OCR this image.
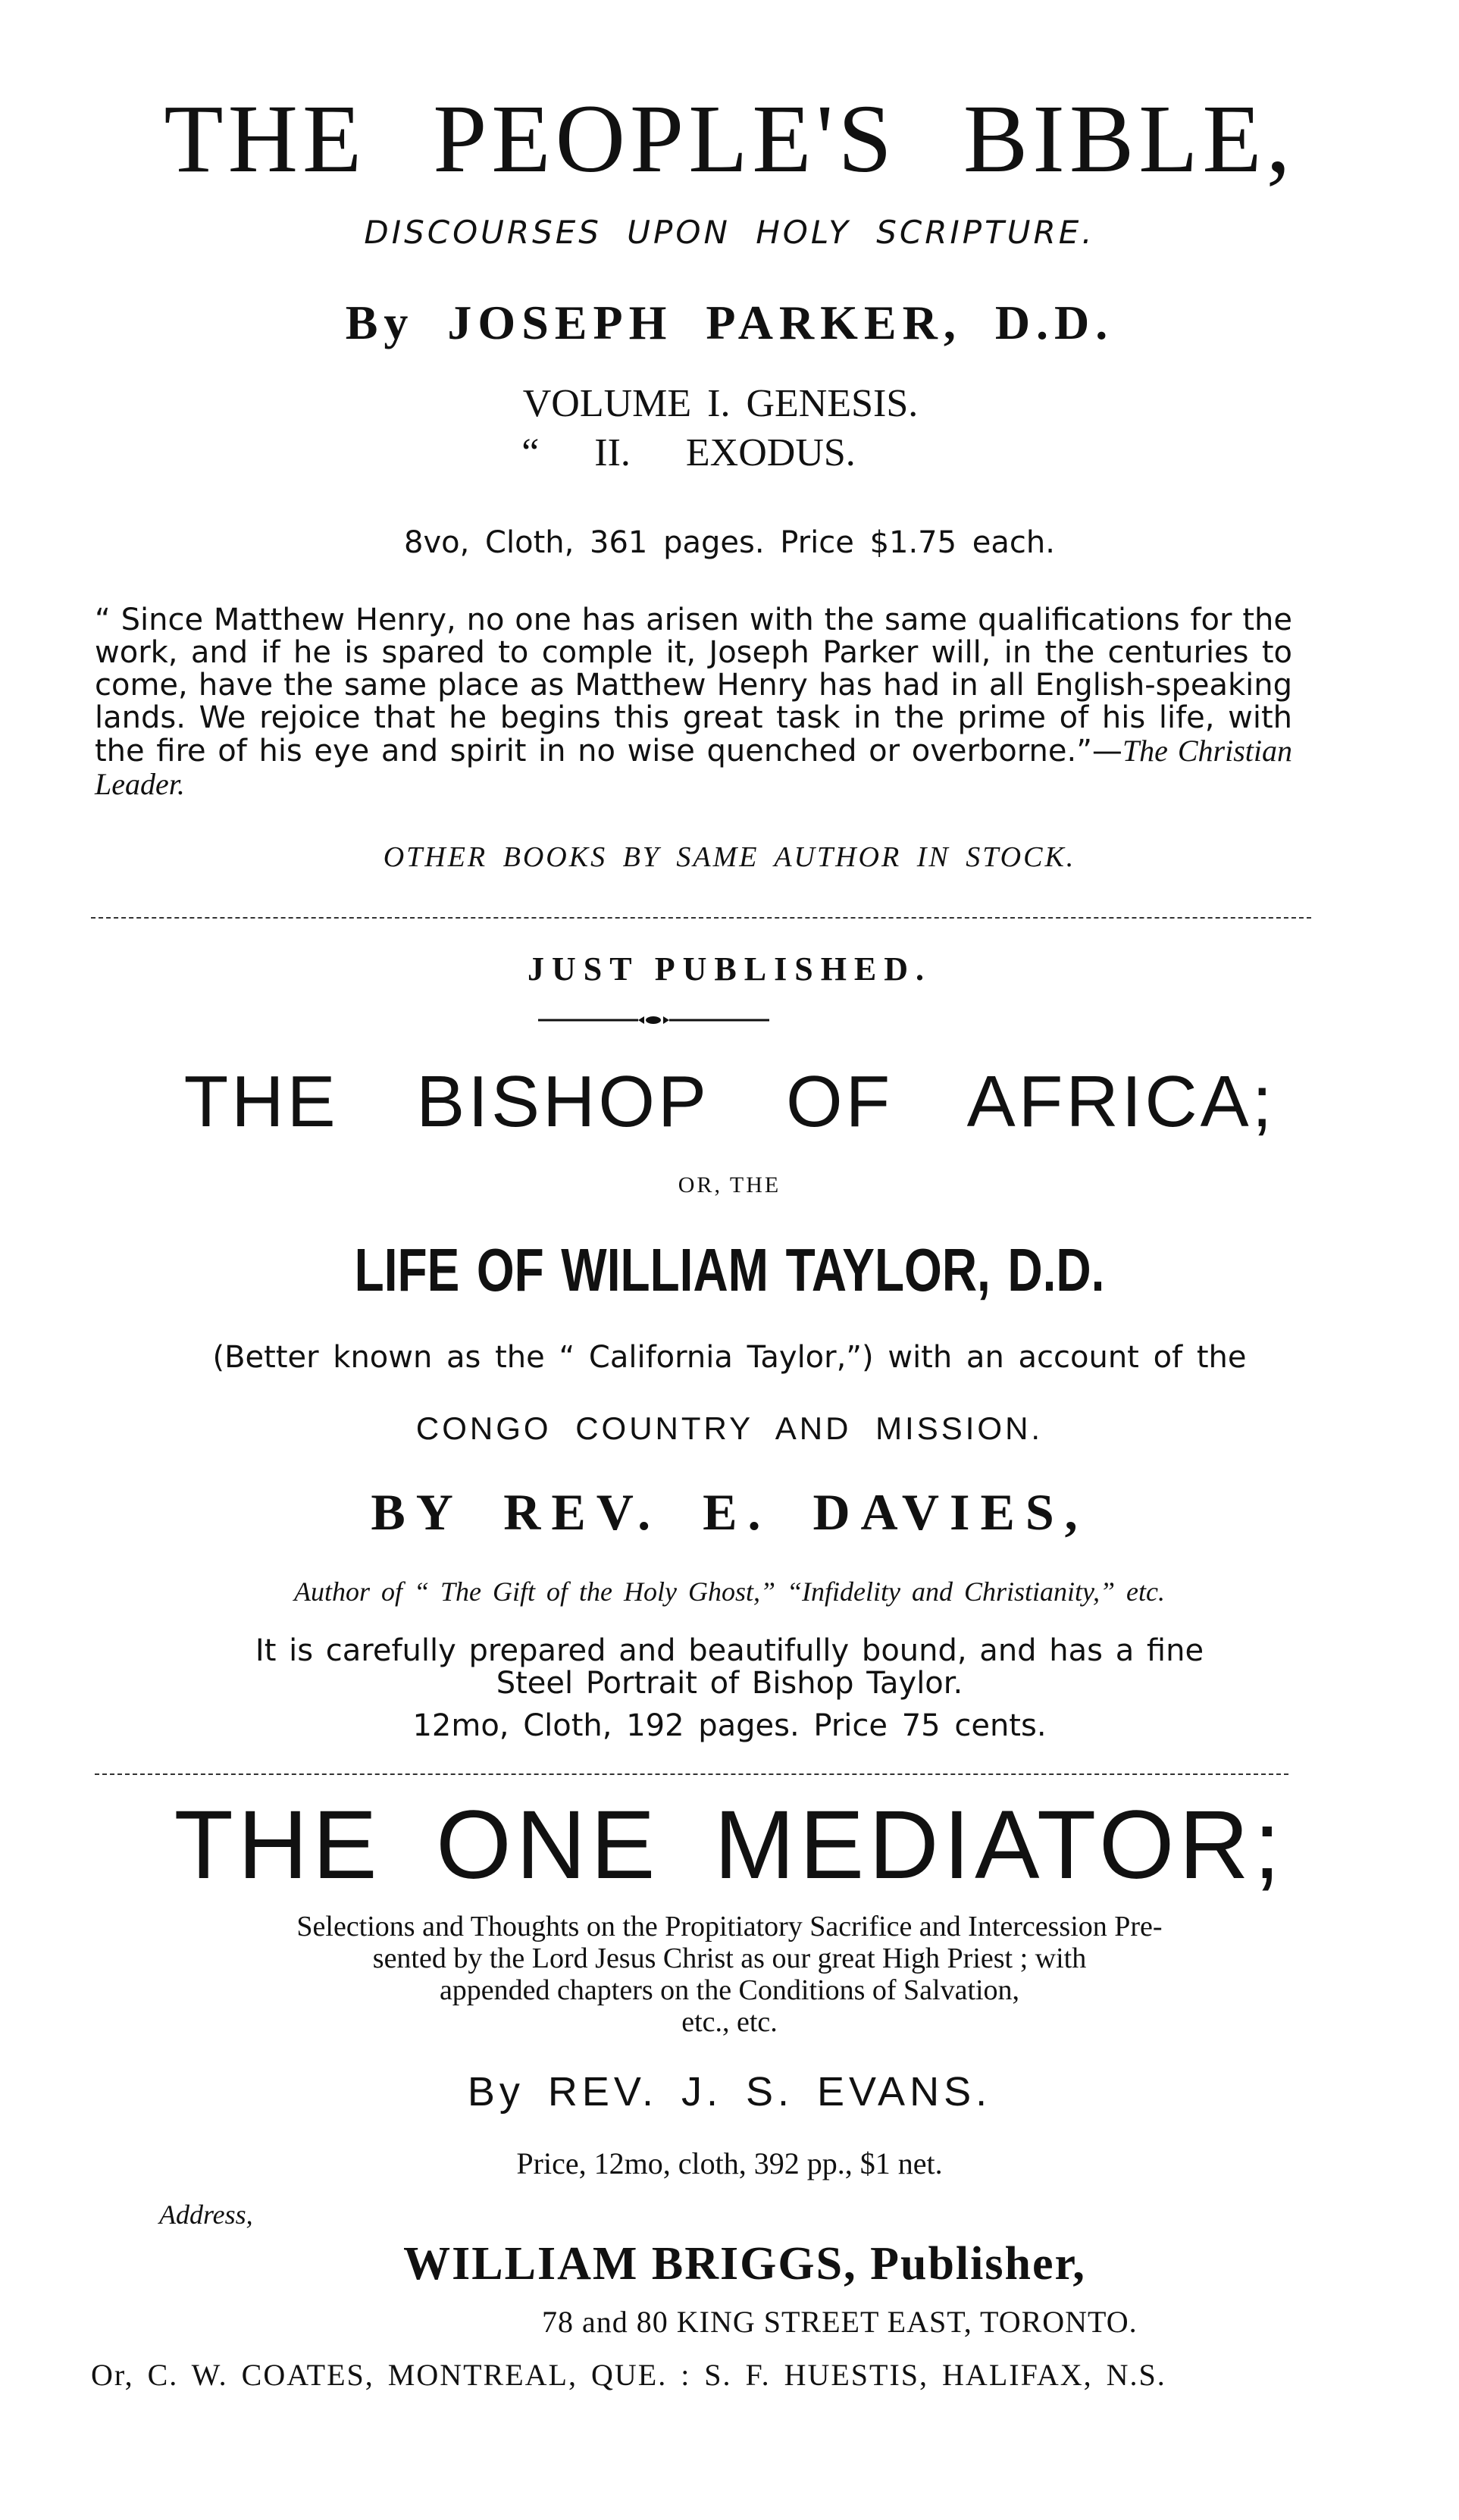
THE PEOPLE'S BIBLE,

DISCOURSES UPON HOLY SCRIPTURE.

By JOSEPH PARKER, D.D.

VOLUME I. GENESIS.

“ II. EXODUS.

8vo, Cloth, 361 pages. Price $1.75 each.

“ Since Matthew Henry, no one has arisen with the same qualifications for the work, and if he is spared to comple it, Joseph Parker will, in the centuries to come, have the same place as Matthew Henry has had in all English-speaking lands. We rejoice that he begins this great task in the prime of his life, with the fire of his eye and spirit in no wise quenched or overborne.”—The Christian Leader.

OTHER BOOKS BY SAME AUTHOR IN STOCK.

JUST PUBLISHED.

THE BISHOP OF AFRICA;

OR, THE

LIFE OF WILLIAM TAYLOR, D.D.

(Better known as the “ California Taylor,”) with an account of the

CONGO COUNTRY AND MISSION.

BY REV. E. DAVIES,

Author of “ The Gift of the Holy Ghost,” “Infidelity and Christianity,” etc.

It is carefully prepared and beautifully bound, and has a fine

Steel Portrait of Bishop Taylor.

12mo, Cloth, 192 pages. Price 75 cents.

THE ONE MEDIATOR;

Selections and Thoughts on the Propitiatory Sacrifice and Intercession Pre-

sented by the Lord Jesus Christ as our great High Priest ; with

appended chapters on the Conditions of Salvation,

etc., etc.

By REV. J. S. EVANS.

Price, 12mo, cloth, 392 pp., $1 net.

Address,

WILLIAM BRIGGS, Publisher,

78 and 80 KING STREET EAST, TORONTO.

Or, C. W. COATES, MONTREAL, QUE. : S. F. HUESTIS, HALIFAX, N.S.
